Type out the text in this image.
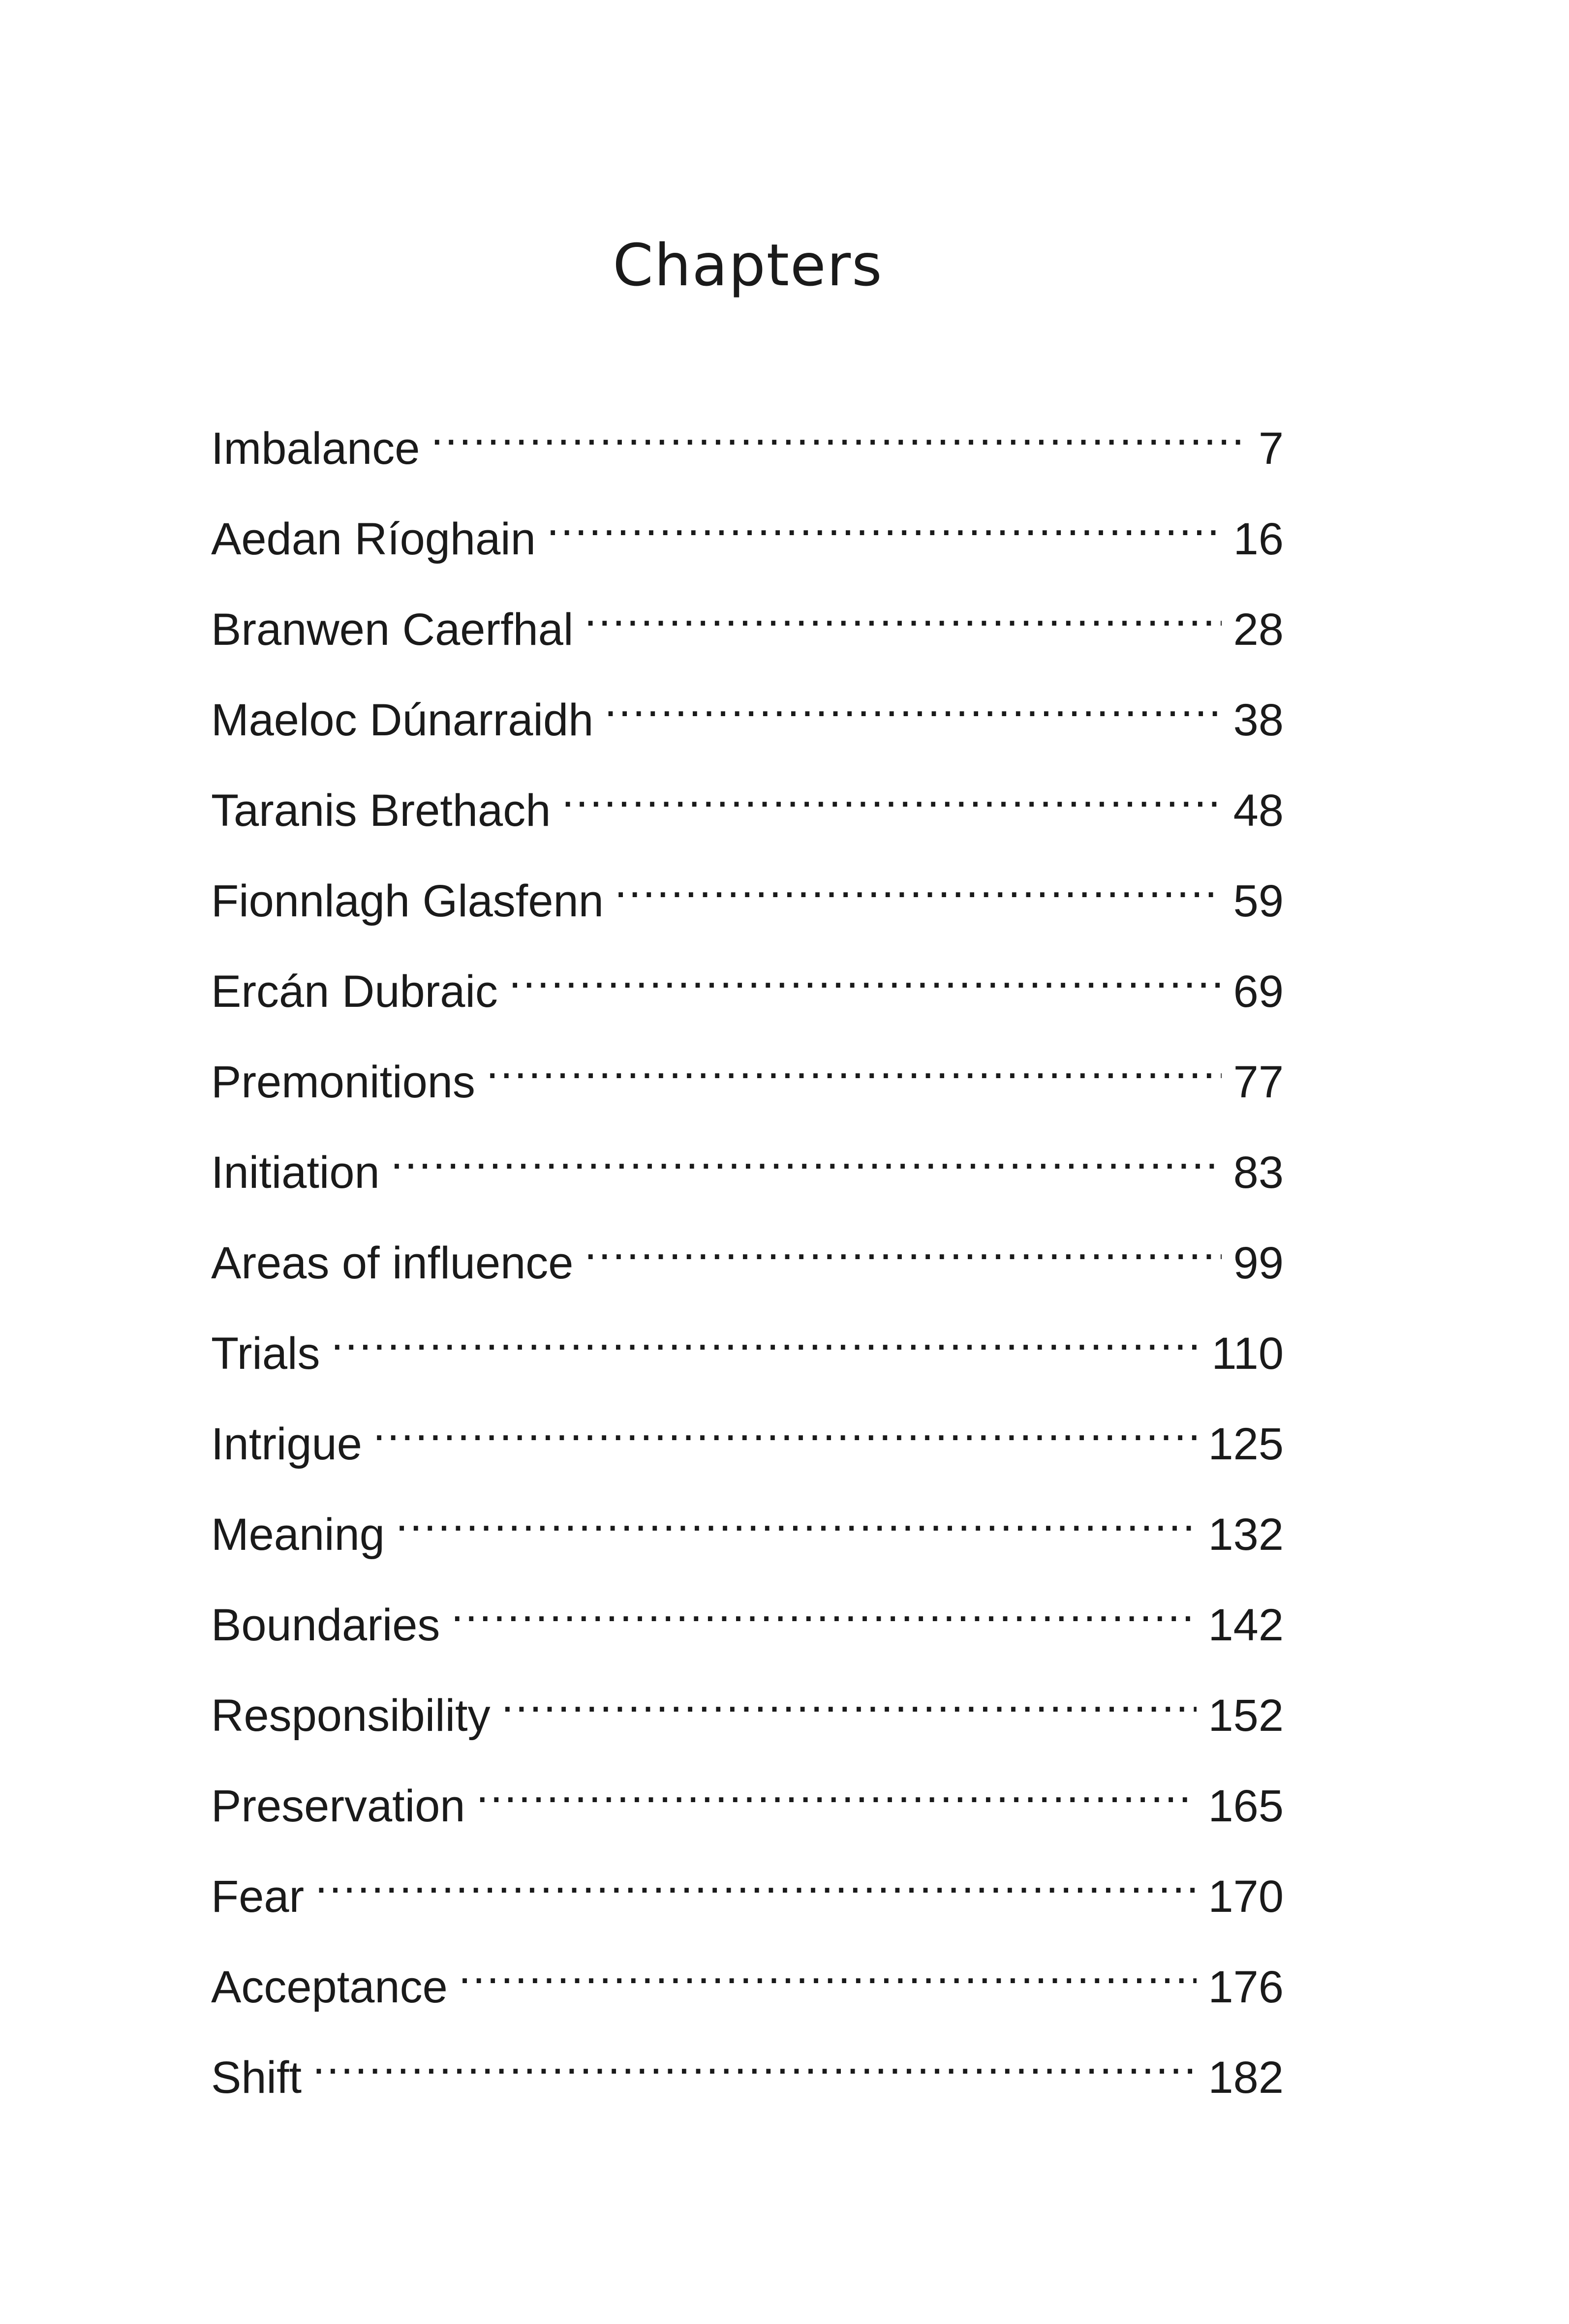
Chapters
Imbalance .....	7
Aedan Ríoghain .....	16
Branwen Caerfhal .....	28
Maeloc Dúnarraidh .....	38
Taranis Brethach .....	48
Fionnlagh Glasfenn .....	59
Ercán Dubraic .....	69
Premonitions .....	77
Initiation .....	83
Areas of influence .....	99
Trials .....	110
Intrigue .....	125
Meaning .....	132
Boundaries .....	142
Responsibility .....	152
Preservation .....	165
Fear .....	170
Acceptance .....	176
Shift .....	182
